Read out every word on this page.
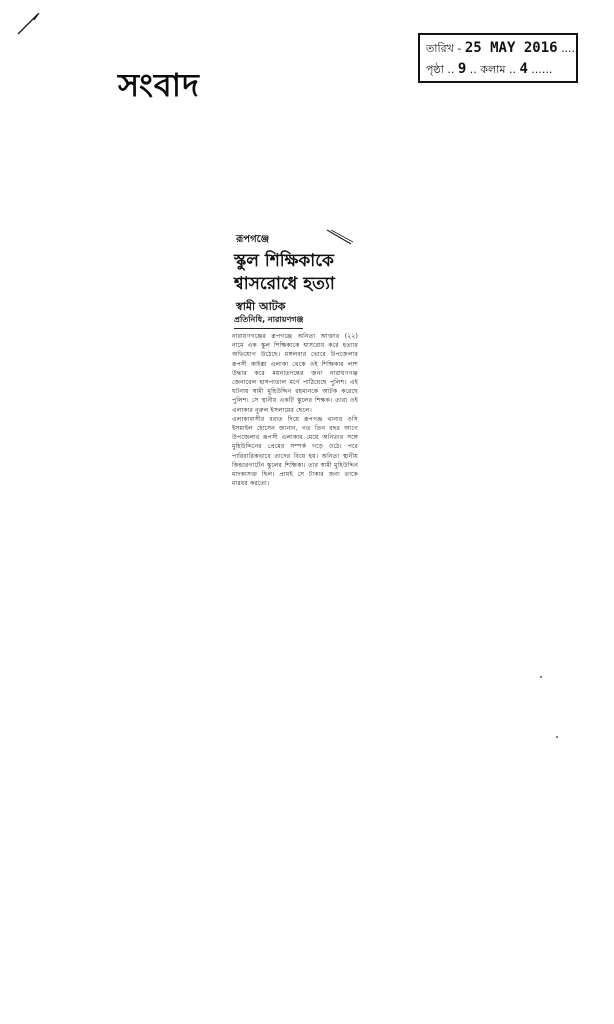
সংবাদ
তারিখ - 25 MAY 2016 ....
পৃষ্ঠা .. 9 .. কলাম .. 4 ......
রূপগঞ্জে
স্কুল শিক্ষিকাকে শ্বাসরোধে হত্যা
স্বামী আটক
প্রতিনিধি, নারায়ণগঞ্জ

নারায়ণগঞ্জের রূপগঞ্জে অনিতা আক্তার (২২) নামে এক স্কুল শিক্ষিকাকে শ্বাসরোধ করে হত্যার অভিযোগ উঠেছে। মঙ্গলবার ভোরে উপজেলার রূপসী কাইক্কা এলাকা থেকে ওই শিক্ষিকার লাশ উদ্ধার করে ময়নাতদন্তের জন্য নারায়ণগঞ্জ জেনারেল হাসপাতাল মর্গে পাঠিয়েছে পুলিশ। এই ঘটনায় স্বামী মুহিউদ্দিন রহমানকে আটক করেছে পুলিশ। সে স্থানীয় একটি স্কুলের শিক্ষক। তারা ওই এলাকার নুরুল ইসলামের ছেলে।

এলাকাবাসীর বরাত দিয়ে রূপগঞ্জ থানার ওসি ইসমাইল হোসেন জানান, গত তিন বছর আগে উপজেলার রূপসী এলাকার মেয়ে অনিতার সঙ্গে মুহিউদ্দিনের প্রেমের সম্পর্ক গড়ে ওঠে। পরে পারিবারিকভাবে তাদের বিয়ে হয়। অনিতা স্থানীয় কিন্ডারগার্টেন স্কুলের শিক্ষিকা। তার স্বামী মুহিউদ্দিন মাদকাসক্ত ছিল। প্রায়ই সে টাকার জন্য তাকে মারধর করতো।
